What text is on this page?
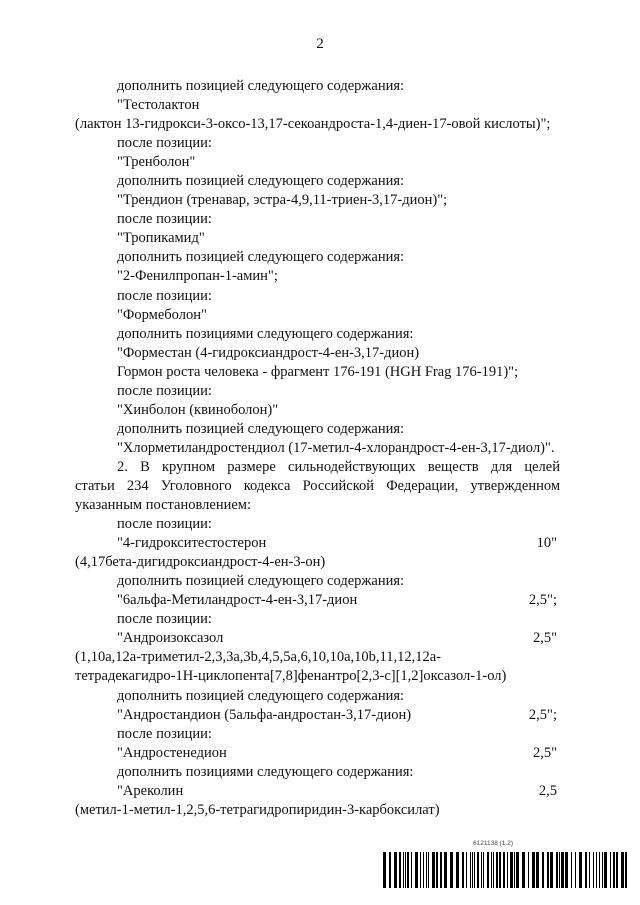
2
дополнить позицией следующего содержания:
"Тестолактон
(лактон 13-гидрокси-3-оксо-13,17-секоандроста-1,4-диен-17-овой кислоты)";
после позиции:
"Тренболон"
дополнить позицией следующего содержания:
"Трендион (тренавар, эстра-4,9,11-триен-3,17-дион)";
после позиции:
"Тропикамид"
дополнить позицией следующего содержания:
"2-Фенилпропан-1-амин";
после позиции:
"Формеболон"
дополнить позициями следующего содержания:
"Форместан (4-гидроксиандрост-4-ен-3,17-дион)
Гормон роста человека - фрагмент 176-191 (HGH Frag 176-191)";
после позиции:
"Хинболон (квиноболон)"
дополнить позицией следующего содержания:
"Хлорметиландростендиол (17-метил-4-хлорандрост-4-ен-3,17-диол)".
2. В крупном размере сильнодействующих веществ для целей
статьи 234 Уголовного кодекса Российской Федерации, утвержденном
указанным постановлением:
после позиции:
"4-гидрокситестостерон	10"
(4,17бета-дигидроксиандрост-4-ен-3-он)
дополнить позицией следующего содержания:
"6альфа-Метиландрост-4-ен-3,17-дион	2,5";
после позиции:
"Андроизоксазол	2,5"
(1,10a,12a-триметил-2,3,3a,3b,4,5,5a,6,10,10a,10b,11,12,12a-
тетрадекагидро-1H-циклопента[7,8]фенантро[2,3-c][1,2]оксазол-1-ол)
дополнить позицией следующего содержания:
"Андростандион (5альфа-андростан-3,17-дион)	2,5";
после позиции:
"Андростенедион	2,5"
дополнить позициями следующего содержания:
"Ареколин	2,5
(метил-1-метил-1,2,5,6-тетрагидропиридин-3-карбоксилат)
6121138 (1.2)
